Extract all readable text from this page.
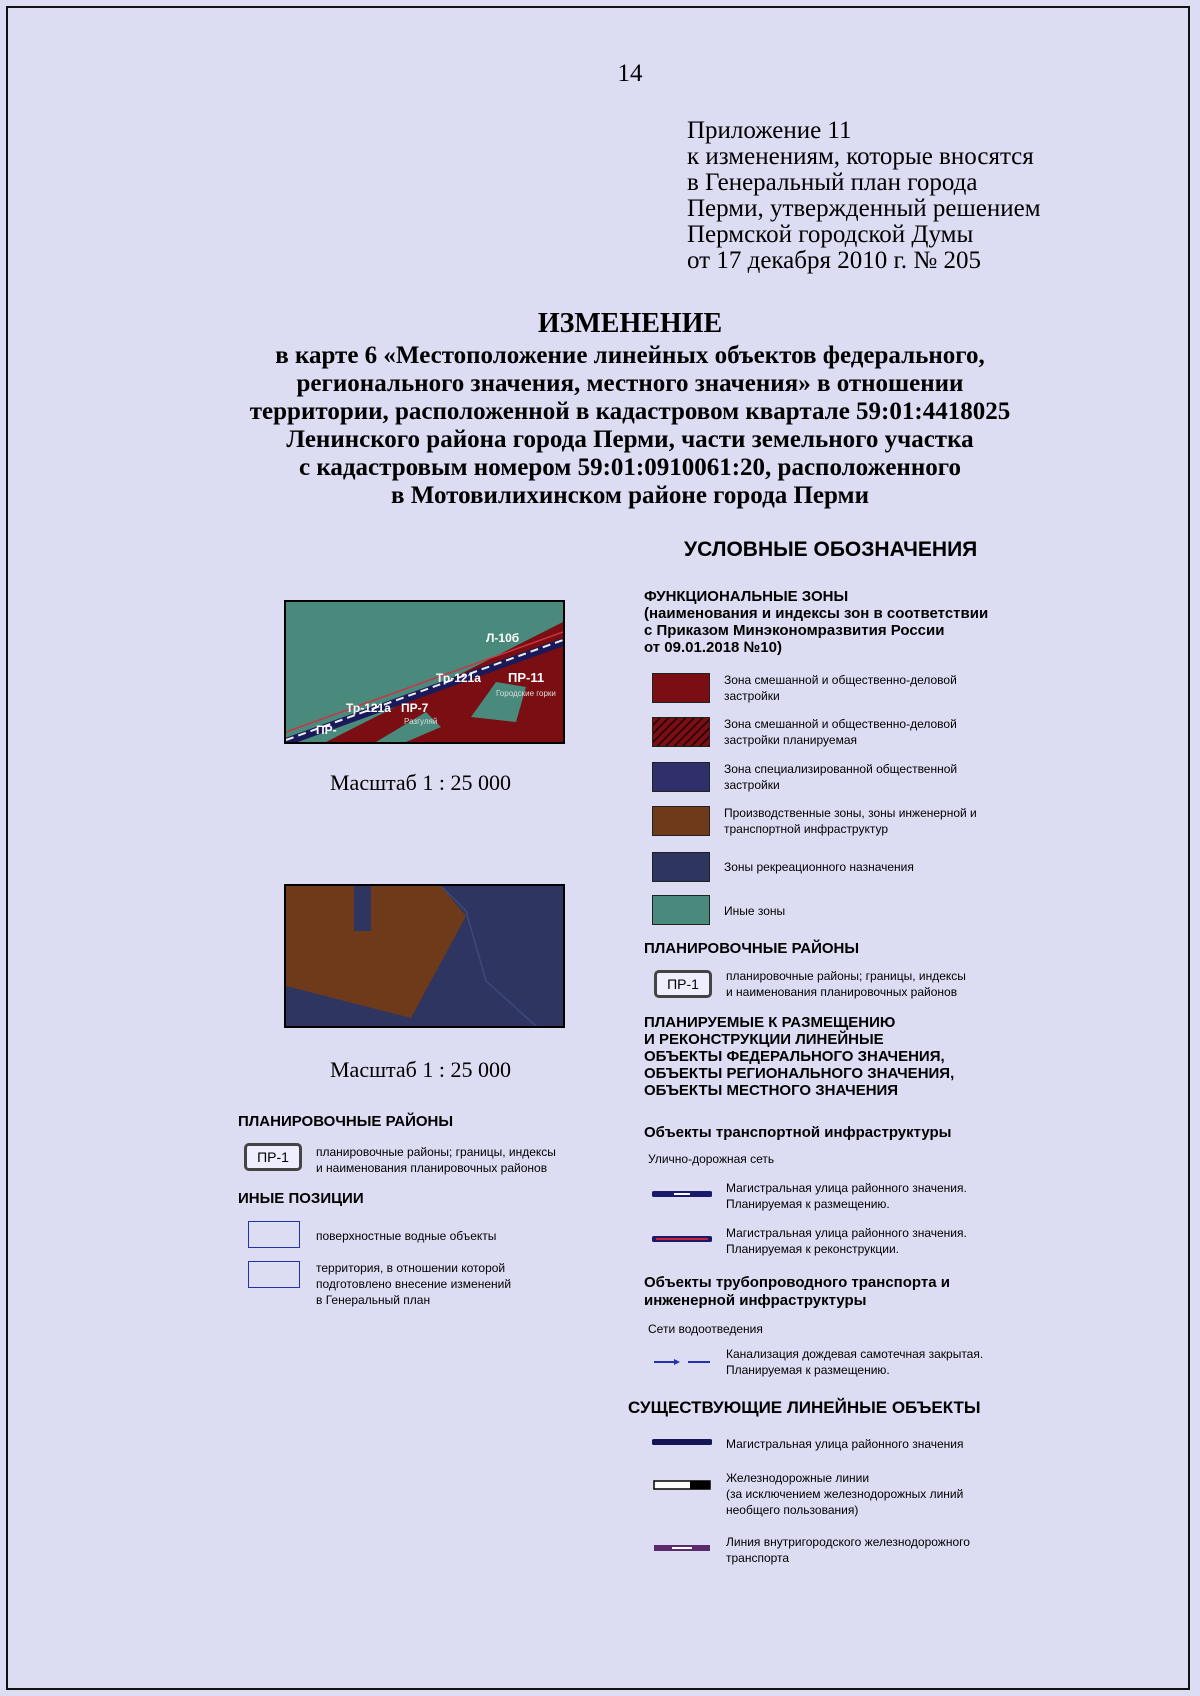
14
Приложение 11
к изменениям, которые вносятся
в Генеральный план города
Перми, утвержденный решением
Пермской городской Думы
от 17 декабря 2010 г. № 205
ИЗМЕНЕНИЕ
в карте 6 «Местоположение линейных объектов федерального,
регионального значения, местного значения» в отношении
территории, расположенной в кадастровом квартале 59:01:4418025
Ленинского района города Перми, части земельного участка
с кадастровым номером 59:01:0910061:20, расположенного
в Мотовилихинском районе города Перми
Л-10б
Тр-121а
Тр-121а ПР-7
ПР-11
Городские горки
ПР-
Разгуляй
Масштаб 1 : 25 000
Масштаб 1 : 25 000
ПЛАНИРОВОЧНЫЕ РАЙОНЫ
ПР-1	планировочные районы; границы, индексы
и наименования планировочных районов
ИНЫЕ ПОЗИЦИИ
поверхностные водные объекты
территория, в отношении которой
подготовлено внесение изменений
в Генеральный план
УСЛОВНЫЕ ОБОЗНАЧЕНИЯ
ФУНКЦИОНАЛЬНЫЕ ЗОНЫ
(наименования и индексы зон в соответствии
с Приказом Минэкономразвития России
от 09.01.2018 №10)
Зона смешанной и общественно-деловой
застройки
Зона смешанной и общественно-деловой
застройки планируемая
Зона специализированной общественной
застройки
Производственные зоны, зоны инженерной и
транспортной инфраструктур
Зоны рекреационного назначения
Иные зоны
ПЛАНИРОВОЧНЫЕ РАЙОНЫ
ПР-1	планировочные районы; границы, индексы
и наименования планировочных районов
ПЛАНИРУЕМЫЕ К РАЗМЕЩЕНИЮ
И РЕКОНСТРУКЦИИ ЛИНЕЙНЫЕ
ОБЪЕКТЫ ФЕДЕРАЛЬНОГО ЗНАЧЕНИЯ,
ОБЪЕКТЫ РЕГИОНАЛЬНОГО ЗНАЧЕНИЯ,
ОБЪЕКТЫ МЕСТНОГО ЗНАЧЕНИЯ
Объекты транспортной инфраструктуры
Улично-дорожная сеть
Магистральная улица районного значения.
Планируемая к размещению.
Магистральная улица районного значения.
Планируемая к реконструкции.
Объекты трубопроводного транспорта и
инженерной инфраструктуры
Сети водоотведения
Канализация дождевая самотечная закрытая.
Планируемая к размещению.
СУЩЕСТВУЮЩИЕ ЛИНЕЙНЫЕ ОБЪЕКТЫ
Магистральная улица районного значения
Железнодорожные линии
(за исключением железнодорожных линий
необщего пользования)
Линия внутригородского железнодорожного
транспорта
